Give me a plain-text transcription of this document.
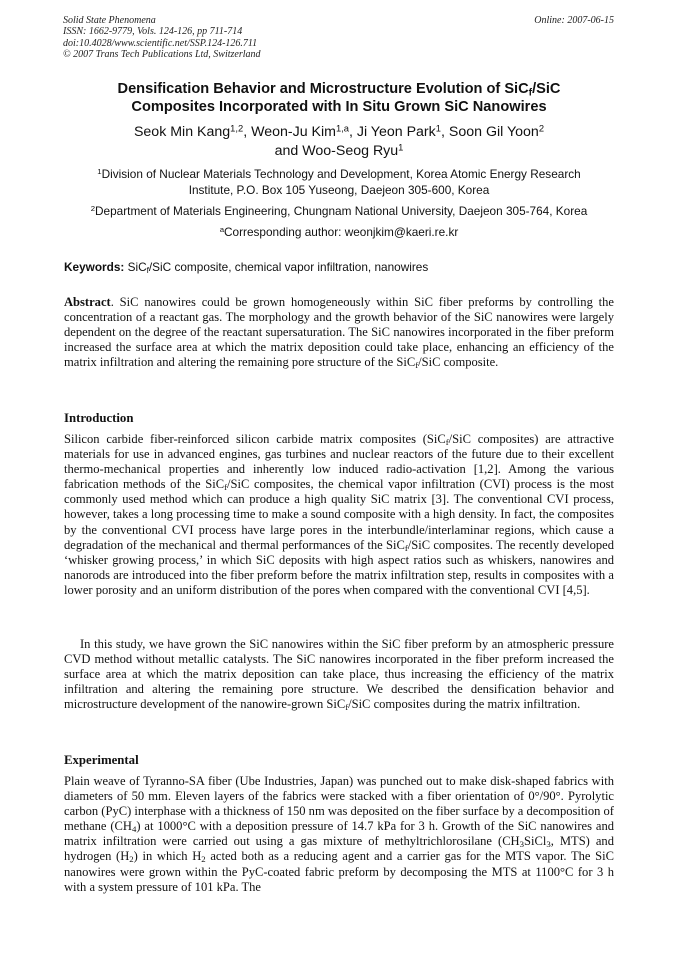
Solid State Phenomena
ISSN: 1662-9779, Vols. 124-126, pp 711-714
doi:10.4028/www.scientific.net/SSP.124-126.711
© 2007 Trans Tech Publications Ltd, Switzerland
Online: 2007-06-15
Densification Behavior and Microstructure Evolution of SiC$_f$/SiC
Composites Incorporated with In Situ Grown SiC Nanowires
Seok Min Kang$^{1,2}$, Weon-Ju Kim$^{1,a}$, Ji Yeon Park$^1$, Soon Gil Yoon$^2$
and Woo-Seog Ryu$^1$
$^1$Division of Nuclear Materials Technology and Development, Korea Atomic Energy Research
Institute, P.O. Box 105 Yuseong, Daejeon 305-600, Korea
$^2$Department of Materials Engineering, Chungnam National University, Daejeon 305-764, Korea
$^a$Corresponding author: weonjkim@kaeri.re.kr
Keywords: SiC$_f$/SiC composite, chemical vapor infiltration, nanowires
Abstract. SiC nanowires could be grown homogeneously within SiC fiber preforms by controlling the concentration of a reactant gas. The morphology and the growth behavior of the SiC nanowires were largely dependent on the degree of the reactant supersaturation. The SiC nanowires incorporated in the fiber preform increased the surface area at which the matrix deposition could take place, enhancing an efficiency of the matrix infiltration and altering the remaining pore structure of the SiC$_f$/SiC composite.
Introduction
Silicon carbide fiber-reinforced silicon carbide matrix composites (SiC$_f$/SiC composites) are attractive materials for use in advanced engines, gas turbines and nuclear reactors of the future due to their excellent thermo-mechanical properties and inherently low induced radio-activation [1,2]. Among the various fabrication methods of the SiC$_f$/SiC composites, the chemical vapor infiltration (CVI) process is the most commonly used method which can produce a high quality SiC matrix [3]. The conventional CVI process, however, takes a long processing time to make a sound composite with a high density. In fact, the composites by the conventional CVI process have large pores in the interbundle/interlaminar regions, which cause a degradation of the mechanical and thermal performances of the SiC$_f$/SiC composites. The recently developed ‘whisker growing process,’ in which SiC deposits with high aspect ratios such as whiskers, nanowires and nanorods are introduced into the fiber preform before the matrix infiltration step, results in composites with a lower porosity and an uniform distribution of the pores when compared with the conventional CVI [4,5].
In this study, we have grown the SiC nanowires within the SiC fiber preform by an atmospheric pressure CVD method without metallic catalysts. The SiC nanowires incorporated in the fiber preform increased the surface area at which the matrix deposition can take place, thus increasing the efficiency of the matrix infiltration and altering the remaining pore structure. We described the densification behavior and microstructure development of the nanowire-grown SiC$_f$/SiC composites during the matrix infiltration.
Experimental
Plain weave of Tyranno-SA fiber (Ube Industries, Japan) was punched out to make disk-shaped fabrics with diameters of 50 mm. Eleven layers of the fabrics were stacked with a fiber orientation of 0°/90°. Pyrolytic carbon (PyC) interphase with a thickness of 150 nm was deposited on the fiber surface by a decomposition of methane $(CH_4)$ at 1000°C with a deposition pressure of 14.7 kPa for 3 h. Growth of the SiC nanowires and matrix infiltration were carried out using a gas mixture of methyltrichlorosilane ($CH_3SiCl_3$, MTS) and hydrogen $(H_2)$ in which $H_2$ acted both as a reducing agent and a carrier gas for the MTS vapor. The SiC nanowires were grown within the PyC-coated fabric preform by decomposing the MTS at 1100°C for 3 h with a system pressure of 101 kPa. The
